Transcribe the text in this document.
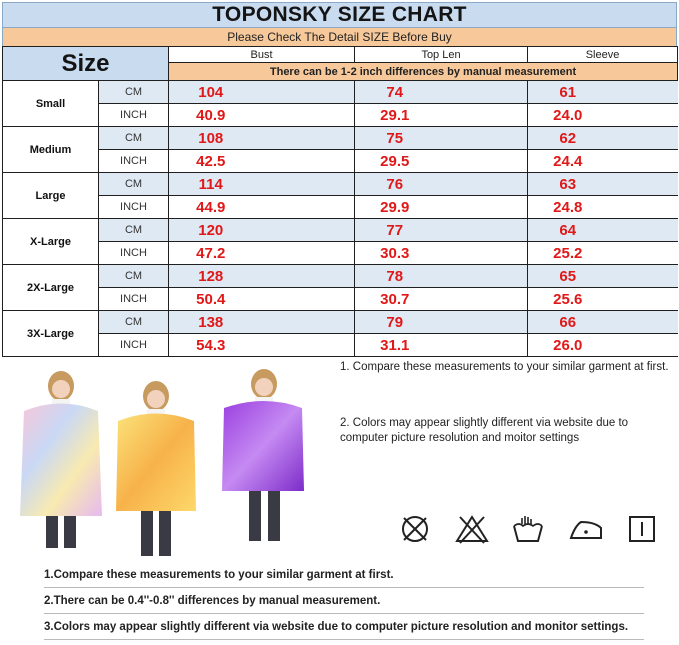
TOPONSKY SIZE CHART
Please Check The Detail SIZE Before Buy
Size		Bust		Top Len		Sleeve	
		There can be 1-2 inch differences by manual measurement					
Small	CM	104		74		61	
	INCH	40.9		29.1		24.0	
Medium	CM	108		75		62	
	INCH	42.5		29.5		24.4	
Large	CM	114		76		63	
	INCH	44.9		29.9		24.8	
X-Large	CM	120		77		64	
	INCH	47.2		30.3		25.2	
2X-Large	CM	128		78		65	
	INCH	50.4		30.7		25.6	
3X-Large	CM	138		79		66	
	INCH	54.3		31.1		26.0	

1. Compare these measurements to your similar garment at first.

2. Colors may appear slightly different via website due to computer picture resolution and moitor settings

1.Compare these measurements to your similar garment at first.
2.There can be 0.4''-0.8'' differences by manual measurement.
3.Colors may appear slightly different via website due to computer picture resolution and monitor settings.
